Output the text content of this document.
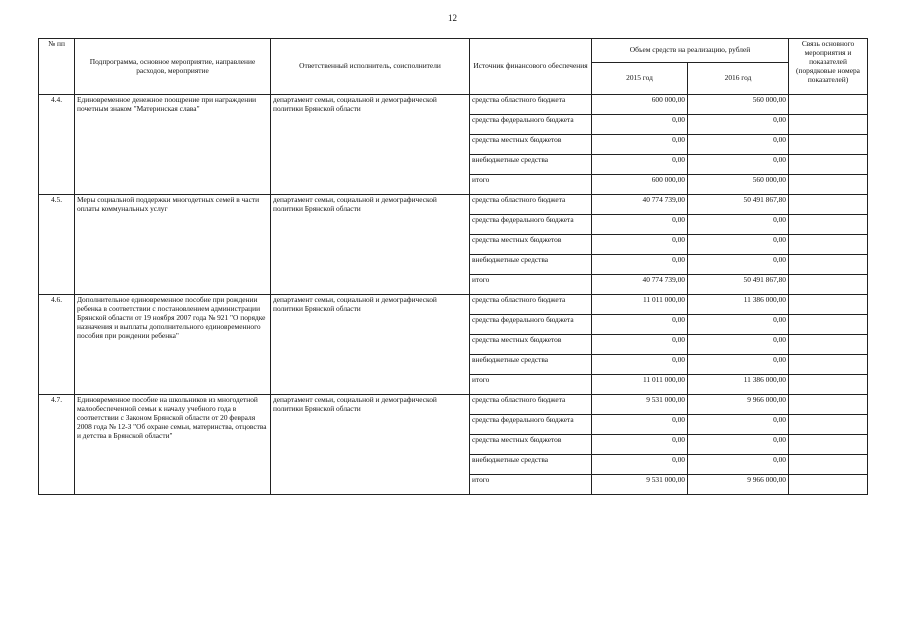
12
№ пп	Подпрограмма, основное мероприятие, направление расходов, мероприятие	Ответственный исполнитель, соисполнители	Источник финансового обеспечения	Объем средств на реализацию, рублей		Связь основного мероприятия и показателей (порядковые номера показателей)
				2015 год	2016 год	
4.4.	Единовременное денежное поощрение при награждении почетным знаком "Материнская слава"	департамент семьи, социальной и демографической политики Брянской области	средства областного бюджета	600 000,00	560 000,00	
			средства федерального бюджета	0,00	0,00	
			средства местных бюджетов	0,00	0,00	
			внебюджетные средства	0,00	0,00	
			итого	600 000,00	560 000,00	
4.5.	Меры социальной поддержки многодетных семей в части оплаты коммунальных услуг	департамент семьи, социальной и демографической политики Брянской области	средства областного бюджета	40 774 739,00	50 491 867,80	
			средства федерального бюджета	0,00	0,00	
			средства местных бюджетов	0,00	0,00	
			внебюджетные средства	0,00	0,00	
			итого	40 774 739,00	50 491 867,80	
4.6.	Дополнительное единовременное пособие при рождении ребенка в соответствии с постановлением администрации Брянской области от 19 ноября 2007 года № 921 "О порядке назначения и выплаты дополнительного единовременного пособия при рождении ребенка"	департамент семьи, социальной и демографической политики Брянской области	средства областного бюджета	11 011 000,00	11 386 000,00	
			средства федерального бюджета	0,00	0,00	
			средства местных бюджетов	0,00	0,00	
			внебюджетные средства	0,00	0,00	
			итого	11 011 000,00	11 386 000,00	
4.7.	Единовременное пособие на школьников из многодетной малообеспеченной семьи к началу учебного года в соответствии с Законом Брянской области от 20 февраля 2008 года № 12-З "Об охране семьи, материнства, отцовства и детства в Брянской области"	департамент семьи, социальной и демографической политики Брянской области	средства областного бюджета	9 531 000,00	9 966 000,00	
			средства федерального бюджета	0,00	0,00	
			средства местных бюджетов	0,00	0,00	
			внебюджетные средства	0,00	0,00	
			итого	9 531 000,00	9 966 000,00	
